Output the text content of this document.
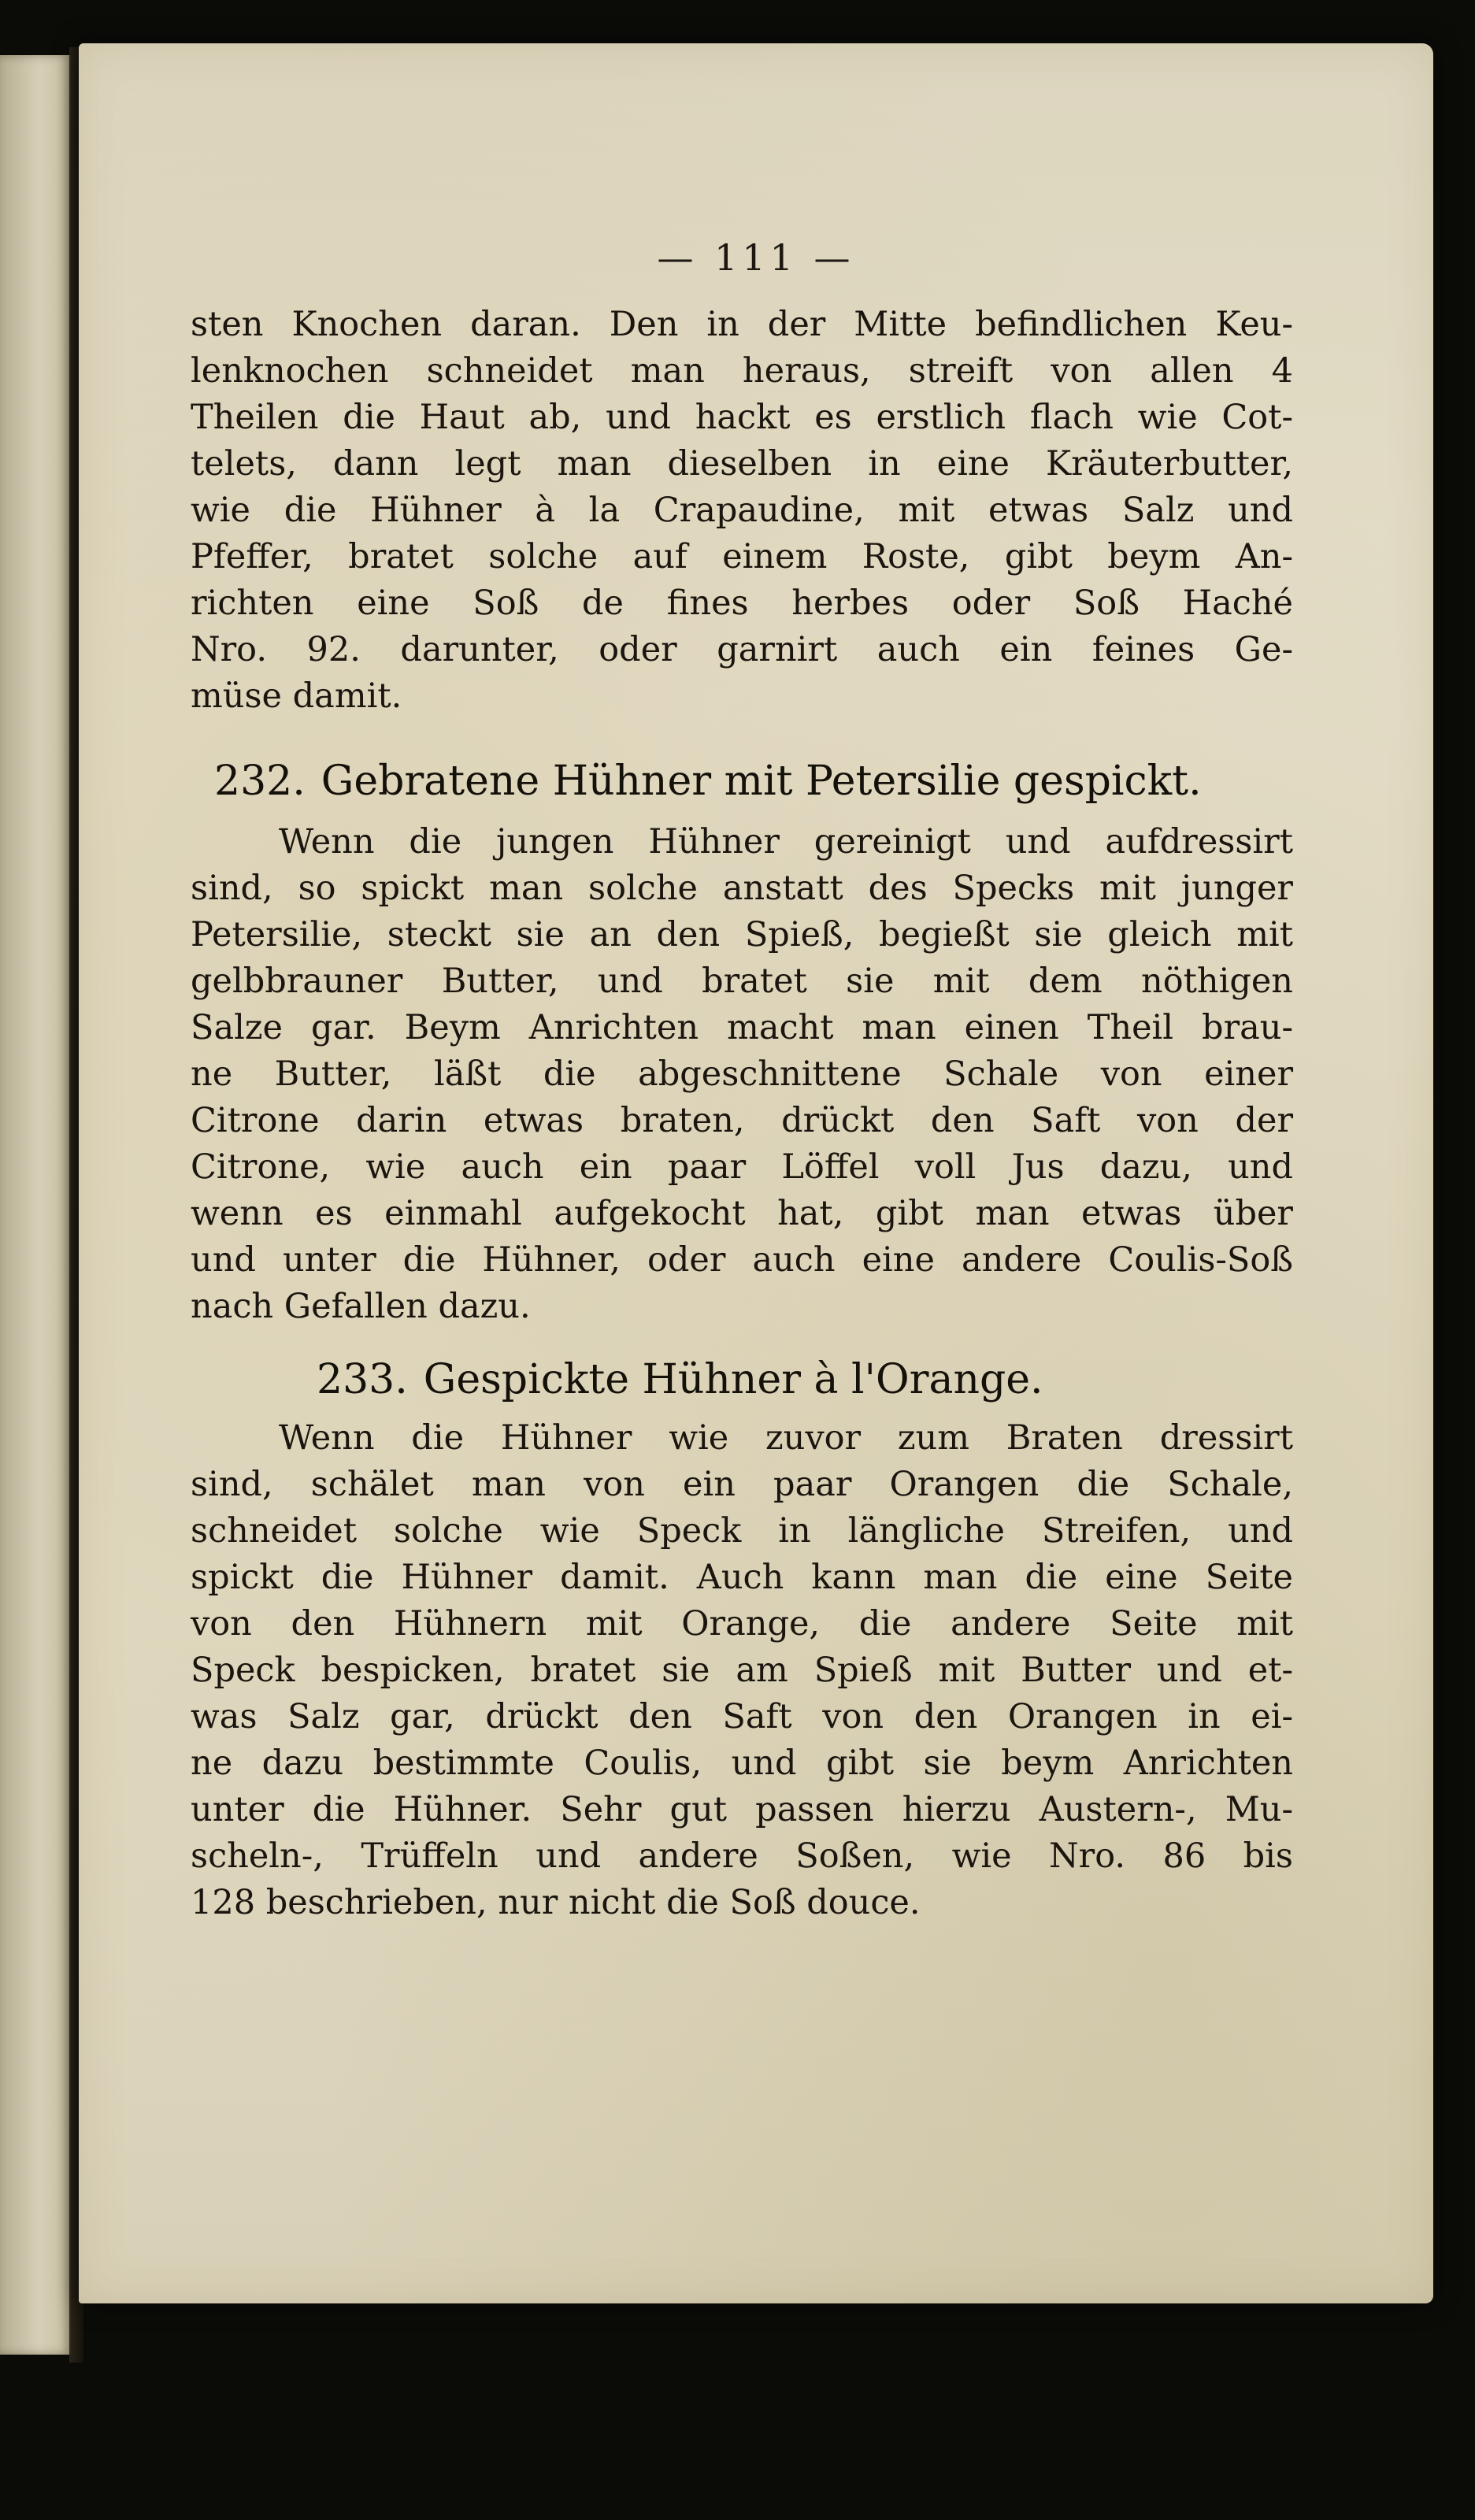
— 111 —
sten Knochen daran. Den in der Mitte befindlichen Keu-
lenknochen schneidet man heraus, streift von allen 4
Theilen die Haut ab, und hackt es erstlich flach wie Cot-
telets, dann legt man dieselben in eine Kräuterbutter,
wie die Hühner à la Crapaudine, mit etwas Salz und
Pfeffer, bratet solche auf einem Roste, gibt beym An-
richten eine Soß de fines herbes oder Soß Haché
Nro. 92. darunter, oder garnirt auch ein feines Ge-
müse damit.
232. Gebratene Hühner mit Petersilie gespickt.
Wenn die jungen Hühner gereinigt und aufdressirt
sind, so spickt man solche anstatt des Specks mit junger
Petersilie, steckt sie an den Spieß, begießt sie gleich mit
gelbbrauner Butter, und bratet sie mit dem nöthigen
Salze gar. Beym Anrichten macht man einen Theil brau-
ne Butter, läßt die abgeschnittene Schale von einer
Citrone darin etwas braten, drückt den Saft von der
Citrone, wie auch ein paar Löffel voll Jus dazu, und
wenn es einmahl aufgekocht hat, gibt man etwas über
und unter die Hühner, oder auch eine andere Coulis-Soß
nach Gefallen dazu.
233. Gespickte Hühner à l'Orange.
Wenn die Hühner wie zuvor zum Braten dressirt
sind, schälet man von ein paar Orangen die Schale,
schneidet solche wie Speck in längliche Streifen, und
spickt die Hühner damit. Auch kann man die eine Seite
von den Hühnern mit Orange, die andere Seite mit
Speck bespicken, bratet sie am Spieß mit Butter und et-
was Salz gar, drückt den Saft von den Orangen in ei-
ne dazu bestimmte Coulis, und gibt sie beym Anrichten
unter die Hühner. Sehr gut passen hierzu Austern-, Mu-
scheln-, Trüffeln und andere Soßen, wie Nro. 86 bis
128 beschrieben, nur nicht die Soß douce.
